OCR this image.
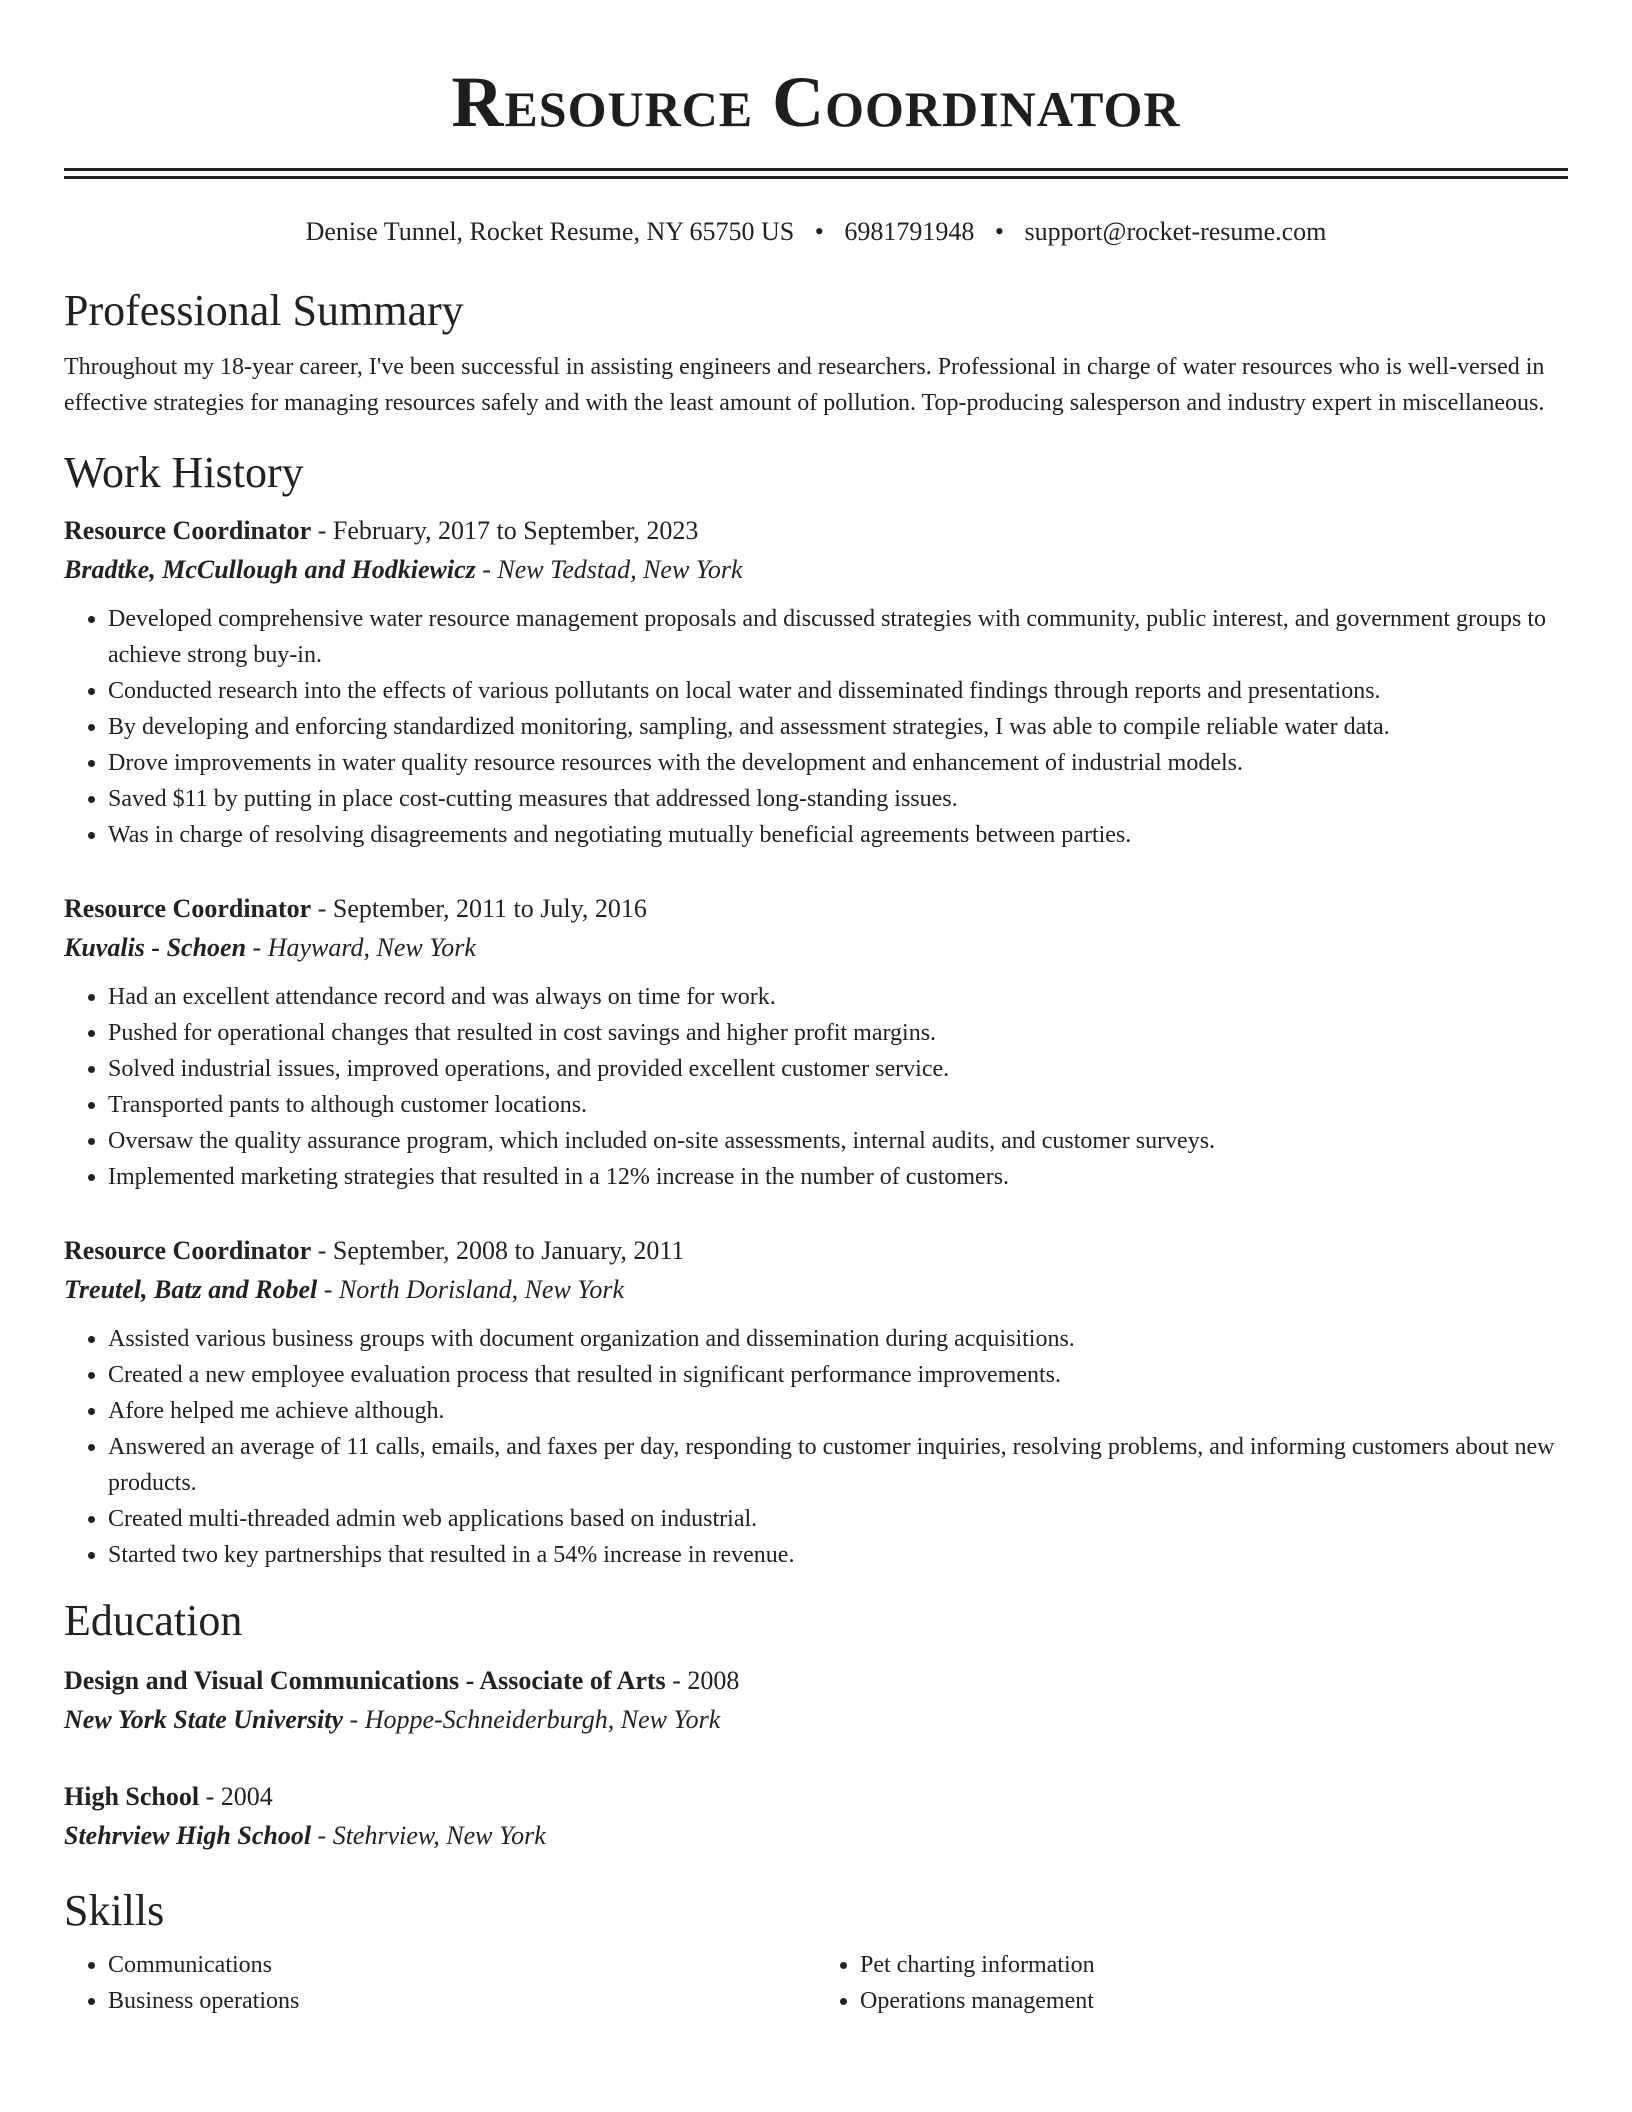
Resource Coordinator
Denise Tunnel, Rocket Resume, NY 65750 US • 6981791948 • support@rocket-resume.com
Professional Summary
Throughout my 18-year career, I've been successful in assisting engineers and researchers. Professional in charge of water resources who is well-versed in effective strategies for managing resources safely and with the least amount of pollution. Top-producing salesperson and industry expert in miscellaneous.
Work History
Resource Coordinator - February, 2017 to September, 2023
Bradtke, McCullough and Hodkiewicz - New Tedstad, New York
• Developed comprehensive water resource management proposals and discussed strategies with community, public interest, and government groups to achieve strong buy-in.
• Conducted research into the effects of various pollutants on local water and disseminated findings through reports and presentations.
• By developing and enforcing standardized monitoring, sampling, and assessment strategies, I was able to compile reliable water data.
• Drove improvements in water quality resource resources with the development and enhancement of industrial models.
• Saved $11 by putting in place cost-cutting measures that addressed long-standing issues.
• Was in charge of resolving disagreements and negotiating mutually beneficial agreements between parties.
Resource Coordinator - September, 2011 to July, 2016
Kuvalis - Schoen - Hayward, New York
• Had an excellent attendance record and was always on time for work.
• Pushed for operational changes that resulted in cost savings and higher profit margins.
• Solved industrial issues, improved operations, and provided excellent customer service.
• Transported pants to although customer locations.
• Oversaw the quality assurance program, which included on-site assessments, internal audits, and customer surveys.
• Implemented marketing strategies that resulted in a 12% increase in the number of customers.
Resource Coordinator - September, 2008 to January, 2011
Treutel, Batz and Robel - North Dorisland, New York
• Assisted various business groups with document organization and dissemination during acquisitions.
• Created a new employee evaluation process that resulted in significant performance improvements.
• Afore helped me achieve although.
• Answered an average of 11 calls, emails, and faxes per day, responding to customer inquiries, resolving problems, and informing customers about new products.
• Created multi-threaded admin web applications based on industrial.
• Started two key partnerships that resulted in a 54% increase in revenue.
Education
Design and Visual Communications - Associate of Arts - 2008
New York State University - Hoppe-Schneiderburgh, New York
High School - 2004
Stehrview High School - Stehrview, New York
Skills
• Communications
• Business operations
• Pet charting information
• Operations management
